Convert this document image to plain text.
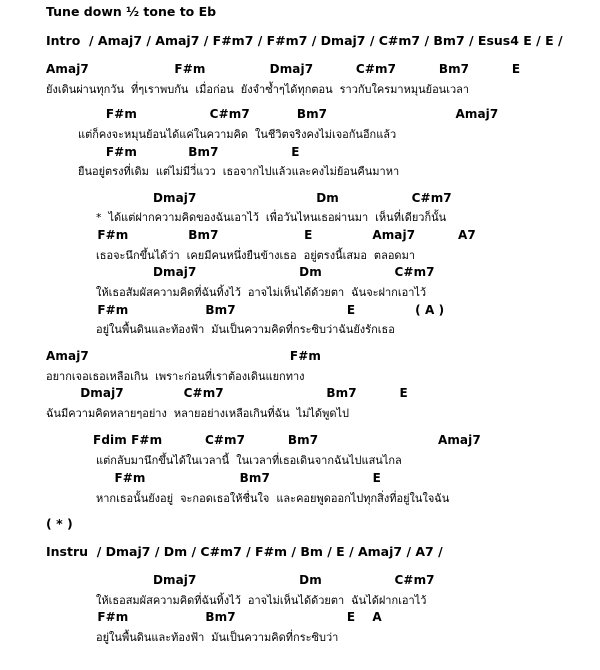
Tune down ½ tone to Eb
Intro  / Amaj7 / Amaj7 / F#m7 / F#m7 / Dmaj7 / C#m7 / Bm7 / Esus4 E / E /
Amaj7                    F#m               Dmaj7          C#m7          Bm7          E
ยังเดินผ่านทุกวัน  ที่ๆเราพบกัน  เมื่อก่อน  ยังจำซ้ำๆได้ทุกตอน  ราวกับใครมาหมุนย้อนเวลา
F#m                 C#m7           Bm7                              Amaj7
แต่ก็คงจะหมุนย้อนได้แค่ในความคิด  ในชีวิตจริงคงไม่เจอกันอีกแล้ว
F#m            Bm7                 E
ยืนอยู่ตรงที่เดิม  แต่ไม่มีวี่แวว  เธอจากไปแล้วและคงไม่ย้อนคืนมาหา
Dmaj7                            Dm                 C#m7
*  ได้แต่ฝากความคิดของฉันเอาไว้  เพื่อวันไหนเธอผ่านมา  เห็นที่เดียวก็นั้น
F#m              Bm7                    E              Amaj7          A7
เธอจะนึกขึ้นได้ว่า  เคยมีคนหนึ่งยืนข้างเธอ  อยู่ตรงนี้เสมอ  ตลอดมา
Dmaj7                        Dm                 C#m7
ให้เธอสัมผัสความคิดที่ฉันทิ้งไว้  อาจไม่เห็นได้ด้วยตา  ฉันจะฝากเอาไว้
F#m                  Bm7                          E              ( A )
อยู่ในพื้นดินและท้องฟ้า  มันเป็นความคิดที่กระซิบว่าฉันยังรักเธอ
Amaj7                                               F#m
อยากเจอเธอเหลือเกิน  เพราะก่อนที่เราต้องเดินแยกทาง
Dmaj7              C#m7                        Bm7          E
ฉันมีความคิดหลายๆอย่าง  หลายอย่างเหลือเกินที่ฉัน  ไม่ได้พูดไป
Fdim F#m          C#m7          Bm7                            Amaj7
แต่กลับมานึกขึ้นได้ในเวลานี้  ในเวลาที่เธอเดินจากฉันไปแสนไกล
F#m                      Bm7                        E
หากเธอนั้นยังอยู่  จะกอดเธอให้ชื่นใจ  และคอยพูดออกไปทุกสิ่งที่อยู่ในใจฉัน
( * )
Instru  / Dmaj7 / Dm / C#m7 / F#m / Bm / E / Amaj7 / A7 /
Dmaj7                        Dm                 C#m7
ให้เธอสมผัสความคิดที่ฉันทิ้งไว้  อาจไม่เห็นได้ด้วยตา  ฉันได้ฝากเอาไว้
F#m                  Bm7                          E    A
อยู่ในพื้นดินและท้องฟ้า  มันเป็นความคิดที่กระซิบว่า
